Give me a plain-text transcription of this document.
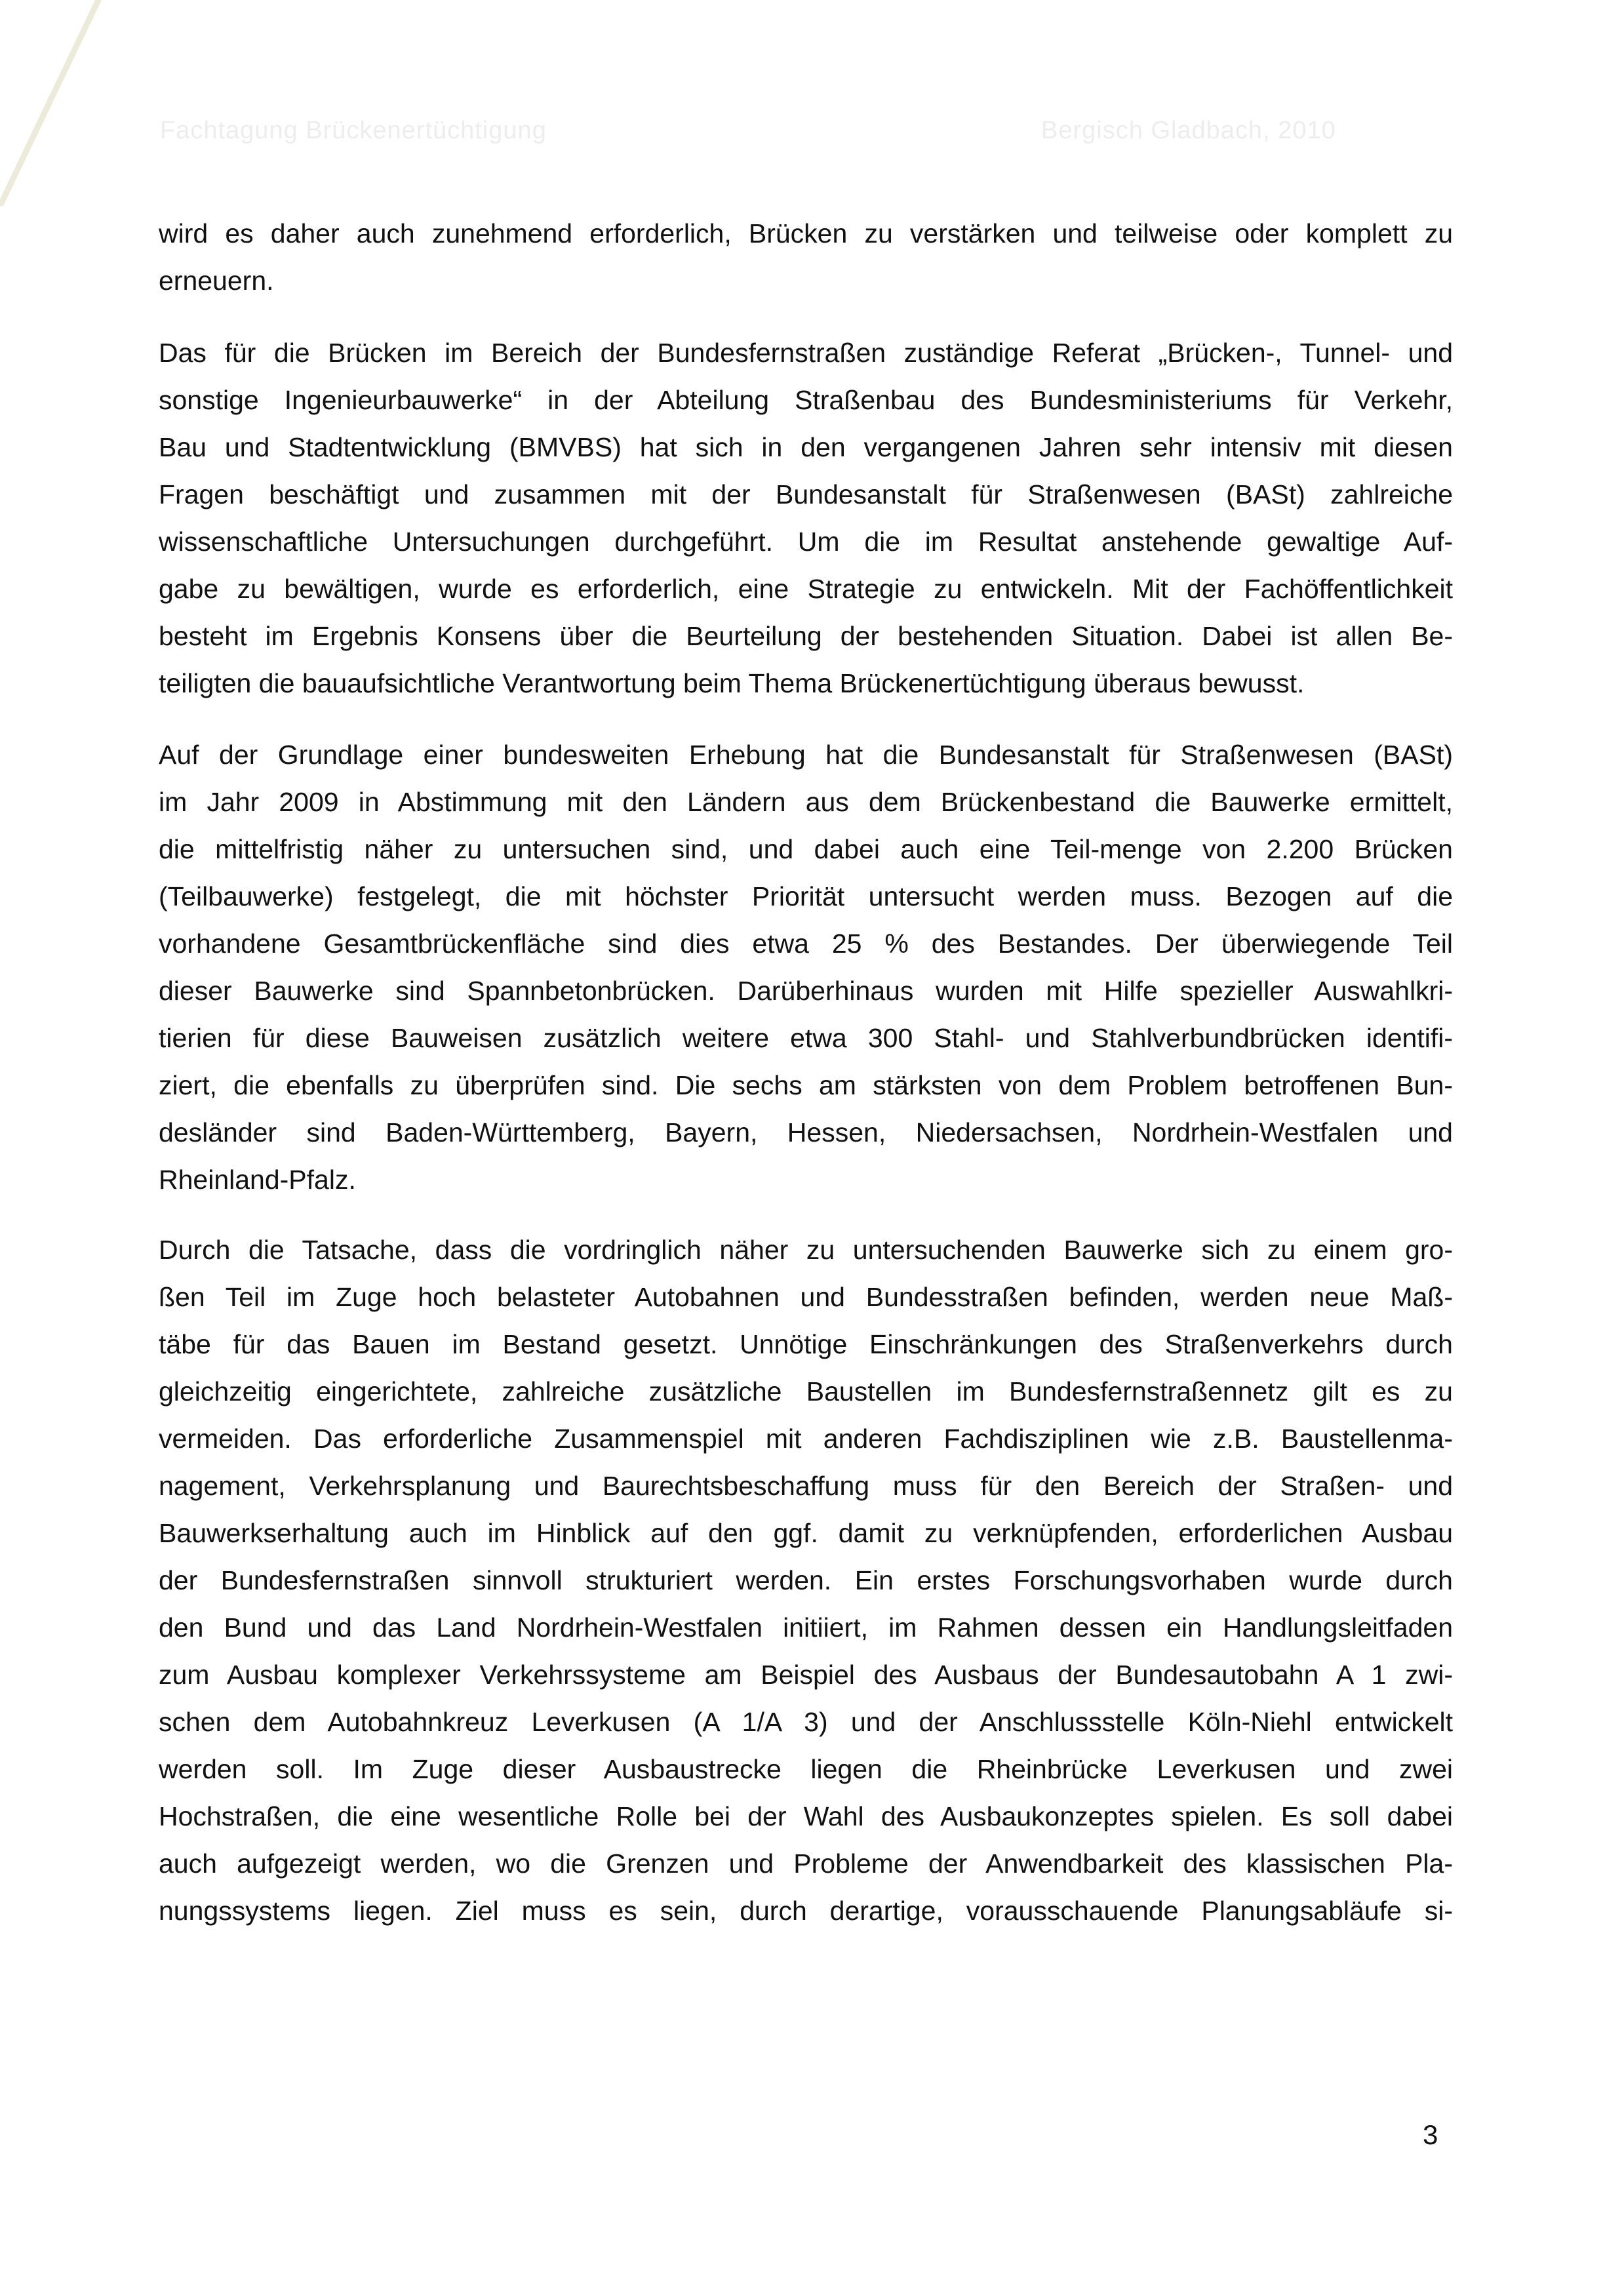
Fachtagung Brückenertüchtigung	Bergisch Gladbach, 2010
wird es daher auch zunehmend erforderlich, Brücken zu verstärken und teilweise oder komplett zu
erneuern.
Das für die Brücken im Bereich der Bundesfernstraßen zuständige Referat „Brücken-, Tunnel- und
sonstige Ingenieurbauwerke“ in der Abteilung Straßenbau des Bundesministeriums für Verkehr,
Bau und Stadtentwicklung (BMVBS) hat sich in den vergangenen Jahren sehr intensiv mit diesen
Fragen beschäftigt und zusammen mit der Bundesanstalt für Straßenwesen (BASt) zahlreiche
wissenschaftliche Untersuchungen durchgeführt. Um die im Resultat anstehende gewaltige Auf-
gabe zu bewältigen, wurde es erforderlich, eine Strategie zu entwickeln. Mit der Fachöffentlichkeit
besteht im Ergebnis Konsens über die Beurteilung der bestehenden Situation. Dabei ist allen Be-
teiligten die bauaufsichtliche Verantwortung beim Thema Brückenertüchtigung überaus bewusst.
Auf der Grundlage einer bundesweiten Erhebung hat die Bundesanstalt für Straßenwesen (BASt)
im Jahr 2009 in Abstimmung mit den Ländern aus dem Brückenbestand die Bauwerke ermittelt,
die mittelfristig näher zu untersuchen sind, und dabei auch eine Teil-menge von 2.200 Brücken
(Teilbauwerke) festgelegt, die mit höchster Priorität untersucht werden muss. Bezogen auf die
vorhandene Gesamtbrückenfläche sind dies etwa 25 % des Bestandes. Der überwiegende Teil
dieser Bauwerke sind Spannbetonbrücken. Darüberhinaus wurden mit Hilfe spezieller Auswahlkri-
tierien für diese Bauweisen zusätzlich weitere etwa 300 Stahl- und Stahlverbundbrücken identifi-
ziert, die ebenfalls zu überprüfen sind. Die sechs am stärksten von dem Problem betroffenen Bun-
desländer sind Baden-Württemberg, Bayern, Hessen, Niedersachsen, Nordrhein-Westfalen und
Rheinland-Pfalz.
Durch die Tatsache, dass die vordringlich näher zu untersuchenden Bauwerke sich zu einem gro-
ßen Teil im Zuge hoch belasteter Autobahnen und Bundesstraßen befinden, werden neue Maß-
täbe für das Bauen im Bestand gesetzt. Unnötige Einschränkungen des Straßenverkehrs durch
gleichzeitig eingerichtete, zahlreiche zusätzliche Baustellen im Bundesfernstraßennetz gilt es zu
vermeiden. Das erforderliche Zusammenspiel mit anderen Fachdisziplinen wie z.B. Baustellenma-
nagement, Verkehrsplanung und Baurechtsbeschaffung muss für den Bereich der Straßen- und
Bauwerkserhaltung auch im Hinblick auf den ggf. damit zu verknüpfenden, erforderlichen Ausbau
der Bundesfernstraßen sinnvoll strukturiert werden. Ein erstes Forschungsvorhaben wurde durch
den Bund und das Land Nordrhein-Westfalen initiiert, im Rahmen dessen ein Handlungsleitfaden
zum Ausbau komplexer Verkehrssysteme am Beispiel des Ausbaus der Bundesautobahn A 1 zwi-
schen dem Autobahnkreuz Leverkusen (A 1/A 3) und der Anschlussstelle Köln-Niehl entwickelt
werden soll. Im Zuge dieser Ausbaustrecke liegen die Rheinbrücke Leverkusen und zwei
Hochstraßen, die eine wesentliche Rolle bei der Wahl des Ausbaukonzeptes spielen. Es soll dabei
auch aufgezeigt werden, wo die Grenzen und Probleme der Anwendbarkeit des klassischen Pla-
nungssystems liegen. Ziel muss es sein, durch derartige, vorausschauende Planungsabläufe si-
3
